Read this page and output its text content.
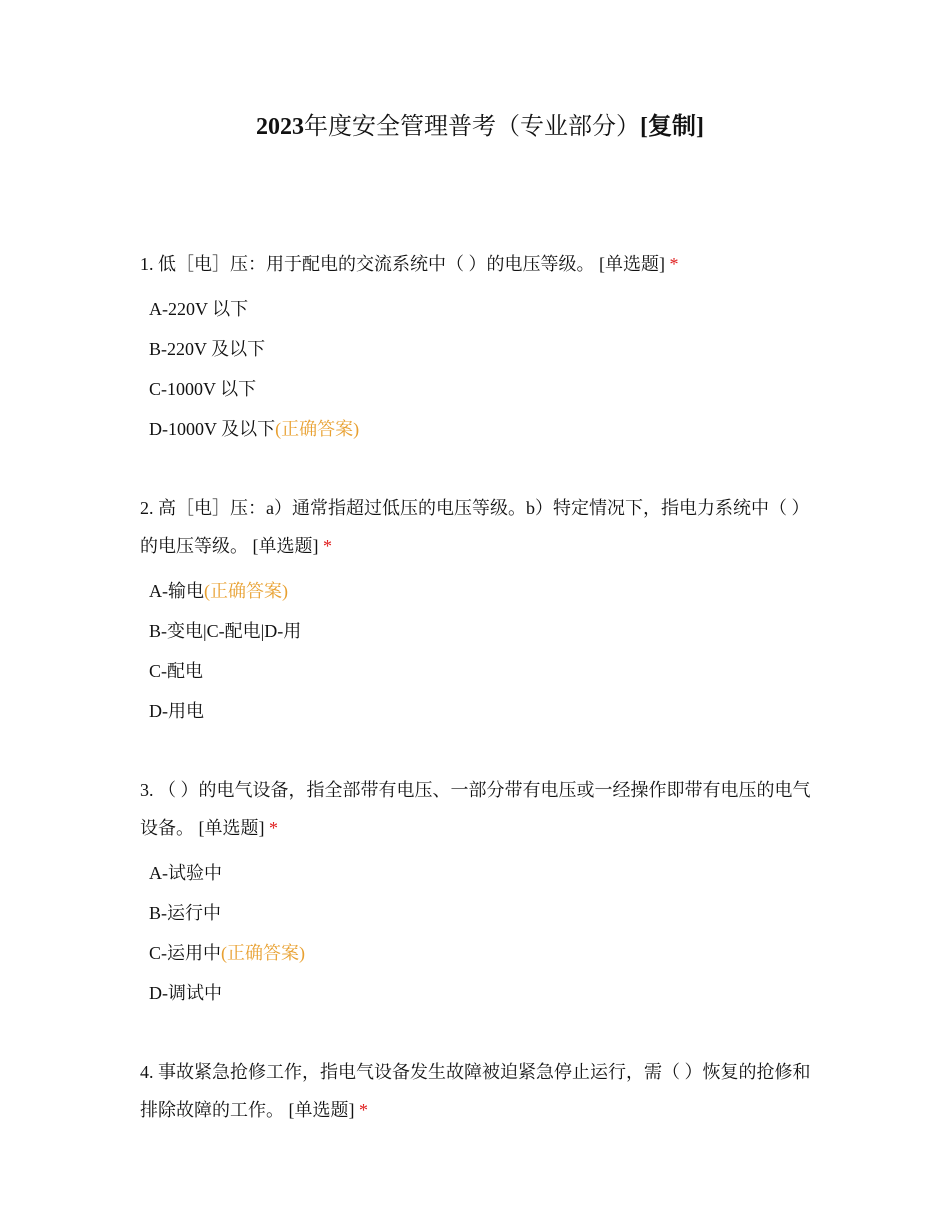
2023年度安全管理普考（专业部分）[复制]

1. 低［电］压：用于配电的交流系统中（ ）的电压等级。 [单选题] *

A-220V 以下
B-220V 及以下
C-1000V 以下
D-1000V 及以下(正确答案)

2. 高［电］压：a）通常指超过低压的电压等级。b）特定情况下，指电力系统中（ ）的电压等级。 [单选题] *

A-输电(正确答案)
B-变电|C-配电|D-用
C-配电
D-用电

3. （ ）的电气设备，指全部带有电压、一部分带有电压或一经操作即带有电压的电气设备。 [单选题] *

A-试验中
B-运行中
C-运用中(正确答案)
D-调试中

4. 事故紧急抢修工作，指电气设备发生故障被迫紧急停止运行，需（ ）恢复的抢修和排除故障的工作。 [单选题] *
